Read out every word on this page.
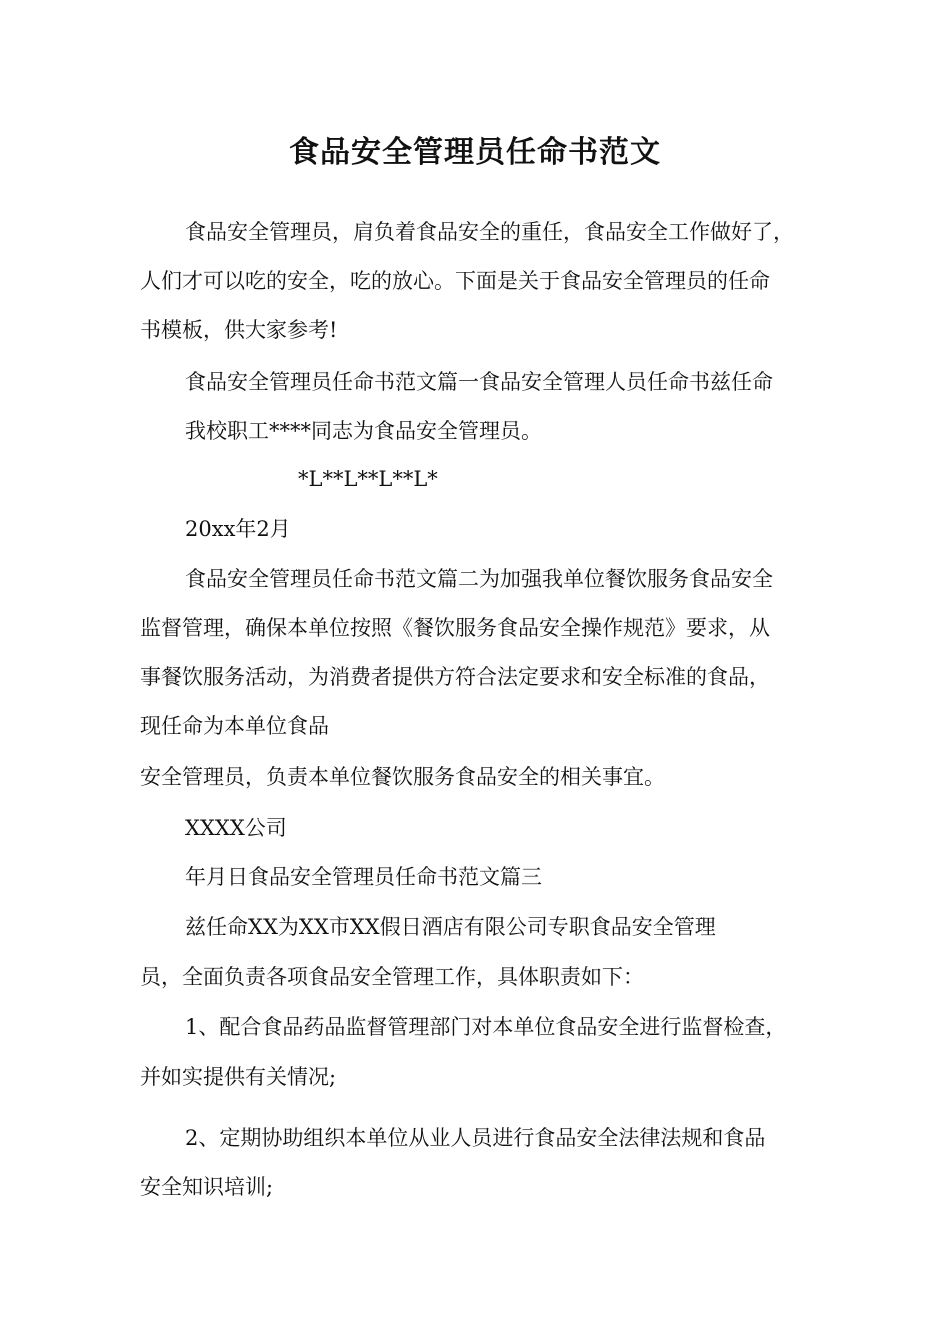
食品安全管理员任命书范文

食品安全管理员，肩负着食品安全的重任，食品安全工作做好了，

人们才可以吃的安全，吃的放心。下面是关于食品安全管理员的任命

书模板，供大家参考!

食品安全管理员任命书范文篇一食品安全管理人员任命书兹任命

我校职工****同志为食品安全管理员。

*L**L**L**L*

20xx年2月

食品安全管理员任命书范文篇二为加强我单位餐饮服务食品安全

监督管理，确保本单位按照《餐饮服务食品安全操作规范》要求，从

事餐饮服务活动，为消费者提供方符合法定要求和安全标准的食品，

现任命为本单位食品

安全管理员，负责本单位餐饮服务食品安全的相关事宜。

XXXX公司

年月日食品安全管理员任命书范文篇三

兹任命XX为XX市XX假日酒店有限公司专职食品安全管理

员，全面负责各项食品安全管理工作，具体职责如下：

1、配合食品药品监督管理部门对本单位食品安全进行监督检查，

并如实提供有关情况;

2、定期协助组织本单位从业人员进行食品安全法律法规和食品

安全知识培训;
